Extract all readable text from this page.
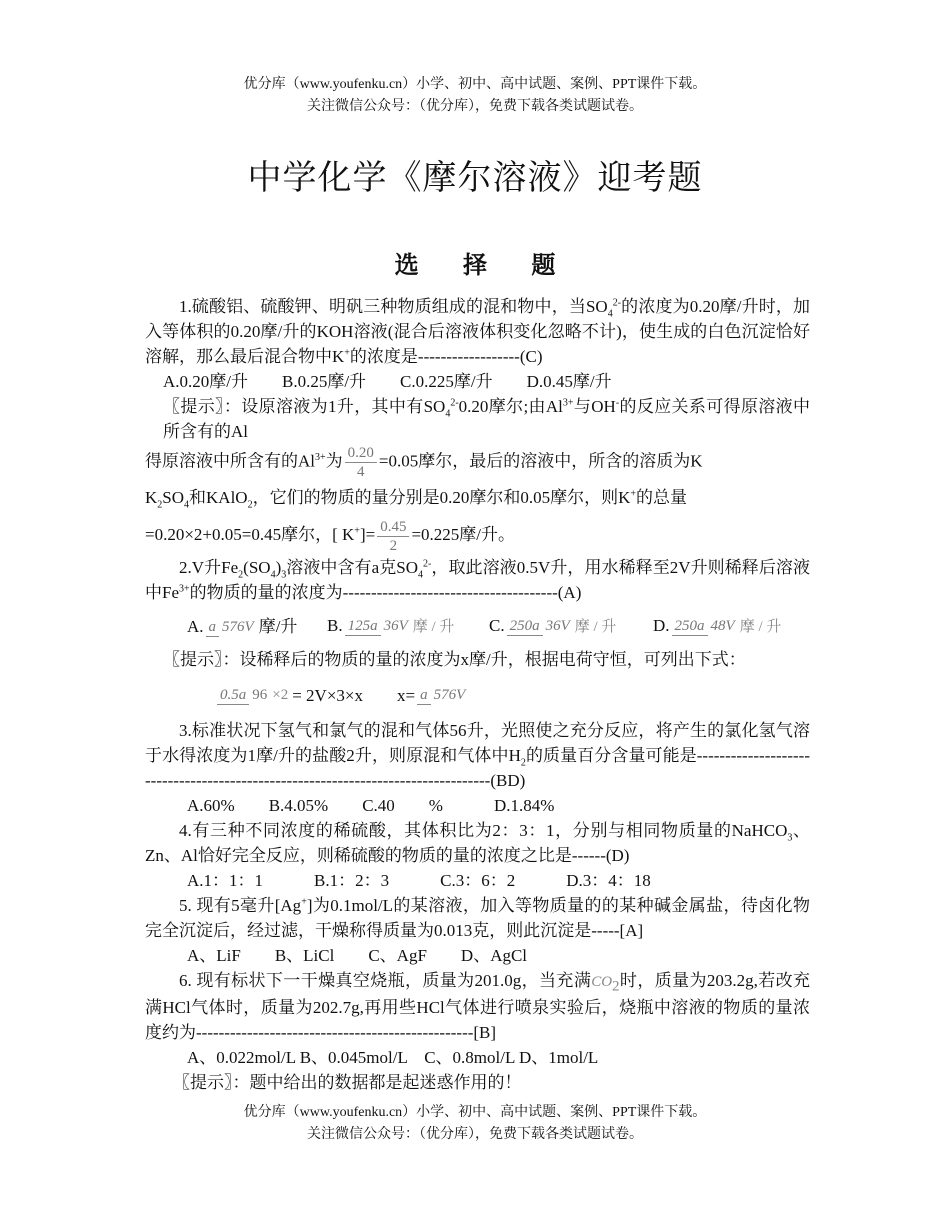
优分库（www.youfenku.cn）小学、初中、高中试题、案例、PPT课件下载。
关注微信公众号：（优分库），免费下载各类试题试卷。
中学化学《摩尔溶液》迎考题
选 择 题

1.硫酸铝、硫酸钾、明矾三种物质组成的混和物中，当$SO_4^{2-}$的浓度为0.20摩/升时，加入等体积的0.20摩/升的KOH溶液(混合后溶液体积变化忽略不计)，使生成的白色沉淀恰好溶解，那么最后混合物中K+的浓度是------------------(C)

A.0.20摩/升　　B.0.25摩/升　　C.0.225摩/升　　D.0.45摩/升

〖提示〗：设原溶液为1升，其中有$SO_4^{2-}0.20$摩尔;由$Al^{3+}$与OH-的反应关系可得原溶液中所含有的Al

得原溶液中所含有的$Al^{3+}$为 $\frac{0.20}{4} =0.05$摩尔，最后的溶液中，所含的溶质为K

$K_2SO_4$和KAlO$_2$，它们的物质的量分别是0.20摩尔和0.05摩尔，则K+的总量

=0.20×2+0.05=0.45摩尔，[ $K^+]= \frac{0.45}{2} =0.225$摩/升。

2.V升$Fe_2(SO_4)_3$溶液中含有a克$SO_4^{2-}$，取此溶液0.5V升，用水稀释至2V升则稀释后溶液中$Fe^{3+}$的物质的量的浓度为--------------------------------------(A)

A. a 576V 摩/升	B. 125a 36V 摩 / 升	C. 250a 36V 摩 / 升	D. 250a 48V 摩 / 升

〖提示〗：设稀释后的物质的量的浓度为x摩/升，根据电荷守恒，可列出下式：

0.5a 96 ×2 = 2V×3×x　　x= a 576V

3.标准状况下氢气和氯气的混和气体56升，光照使之充分反应，将产生的氯化氢气溶于水得浓度为1摩/升的盐酸2升，则原混和气体中$H_2$的质量百分含量可能是---------------------------------------------------------------------------------(BD)

A.60%　　B.4.05%　　C.40　　%　　　D.1.84%

4.有三种不同浓度的稀硫酸，其体积比为2：3：1，分别与相同物质量的NaHCO$_3$、Zn、Al恰好完全反应，则稀硫酸的物质的量的浓度之比是------(D)

A.1：1：1　　　B.1：2：3　　　C.3：6：2　　　D.3：4：18

5. 现有5毫升[Ag+]为0.1mol/L的某溶液，加入等物质量的的某种碱金属盐，待卤化物完全沉淀后，经过滤，干燥称得质量为0.013克，则此沉淀是-----[A]

A、LiF　　B、LiCl　　C、AgF　　D、AgCl

6. 现有标状下一干燥真空烧瓶，质量为201.0g，当充满$CO_2$时，质量为203.2g,若改充满HCl气体时，质量为202.7g,再用些HCl气体进行喷泉实验后，烧瓶中溶液的物质的量浓度约为-------------------------------------------------[B]

A、0.022mol/L B、0.045mol/L　C、0.8mol/L D、1mol/L

〖提示〗：题中给出的数据都是起迷惑作用的！

优分库（www.youfenku.cn）小学、初中、高中试题、案例、PPT课件下载。
关注微信公众号：（优分库），免费下载各类试题试卷。
